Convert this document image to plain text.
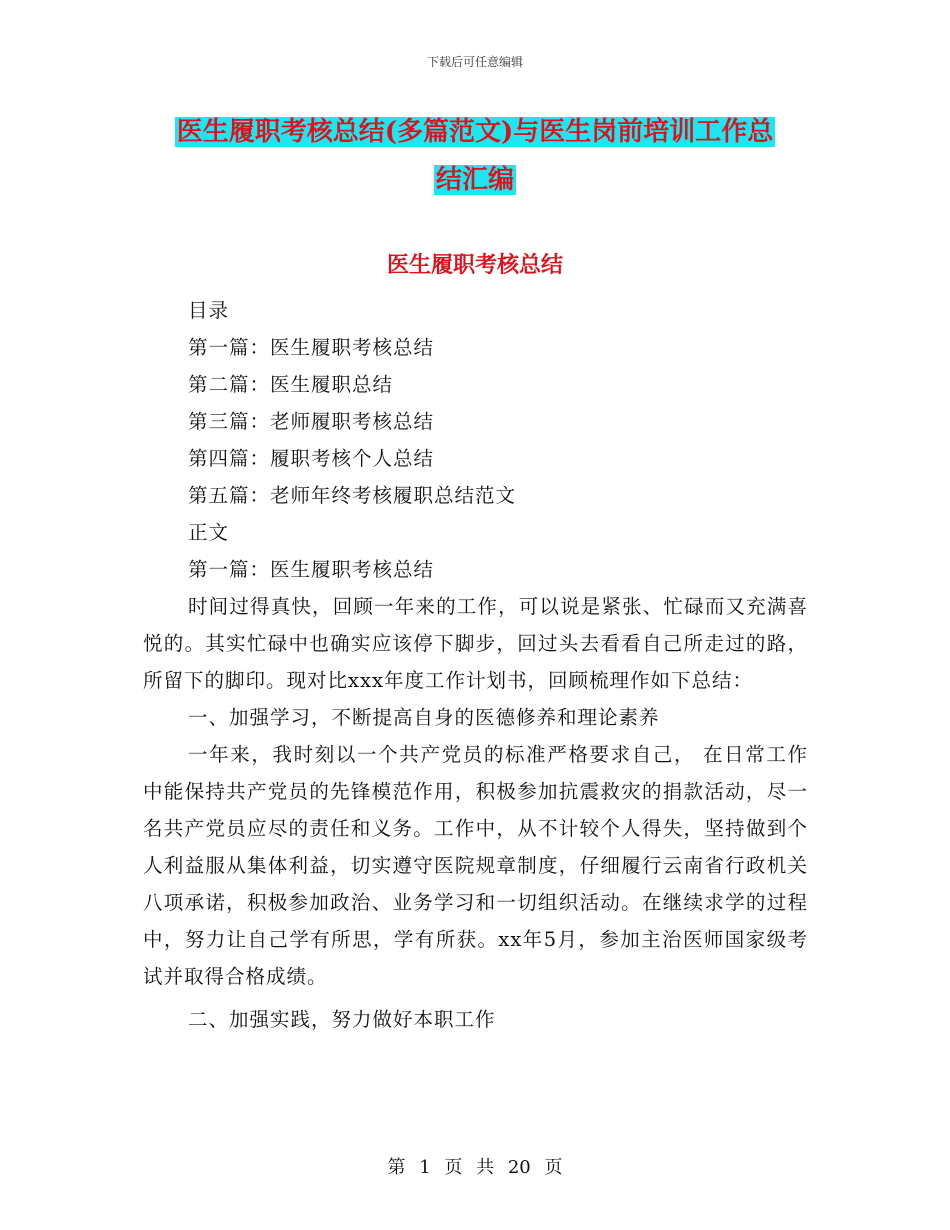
下载后可任意编辑
医生履职考核总结(多篇范文)与医生岗前培训工作总
结汇编
医生履职考核总结

目录

第一篇：医生履职考核总结

第二篇：医生履职总结

第三篇：老师履职考核总结

第四篇：履职考核个人总结

第五篇：老师年终考核履职总结范文

正文

第一篇：医生履职考核总结

时间过得真快，回顾一年来的工作，可以说是紧张、忙碌而又充满喜悦的。其实忙碌中也确实应该停下脚步，回过头去看看自己所走过的路，所留下的脚印。现对比xxx年度工作计划书，回顾梳理作如下总结：

一、加强学习，不断提高自身的医德修养和理论素养

一年来，我时刻以一个共产党员的标准严格要求自己， 在日常工作中能保持共产党员的先锋模范作用，积极参加抗震救灾的捐款活动，尽一名共产党员应尽的责任和义务。工作中，从不计较个人得失，坚持做到个人利益服从集体利益，切实遵守医院规章制度，仔细履行云南省行政机关八项承诺，积极参加政治、业务学习和一切组织活动。在继续求学的过程中，努力让自己学有所思，学有所获。xx年5月，参加主治医师国家级考试并取得合格成绩。

二、加强实践，努力做好本职工作

第 1 页 共 20 页
